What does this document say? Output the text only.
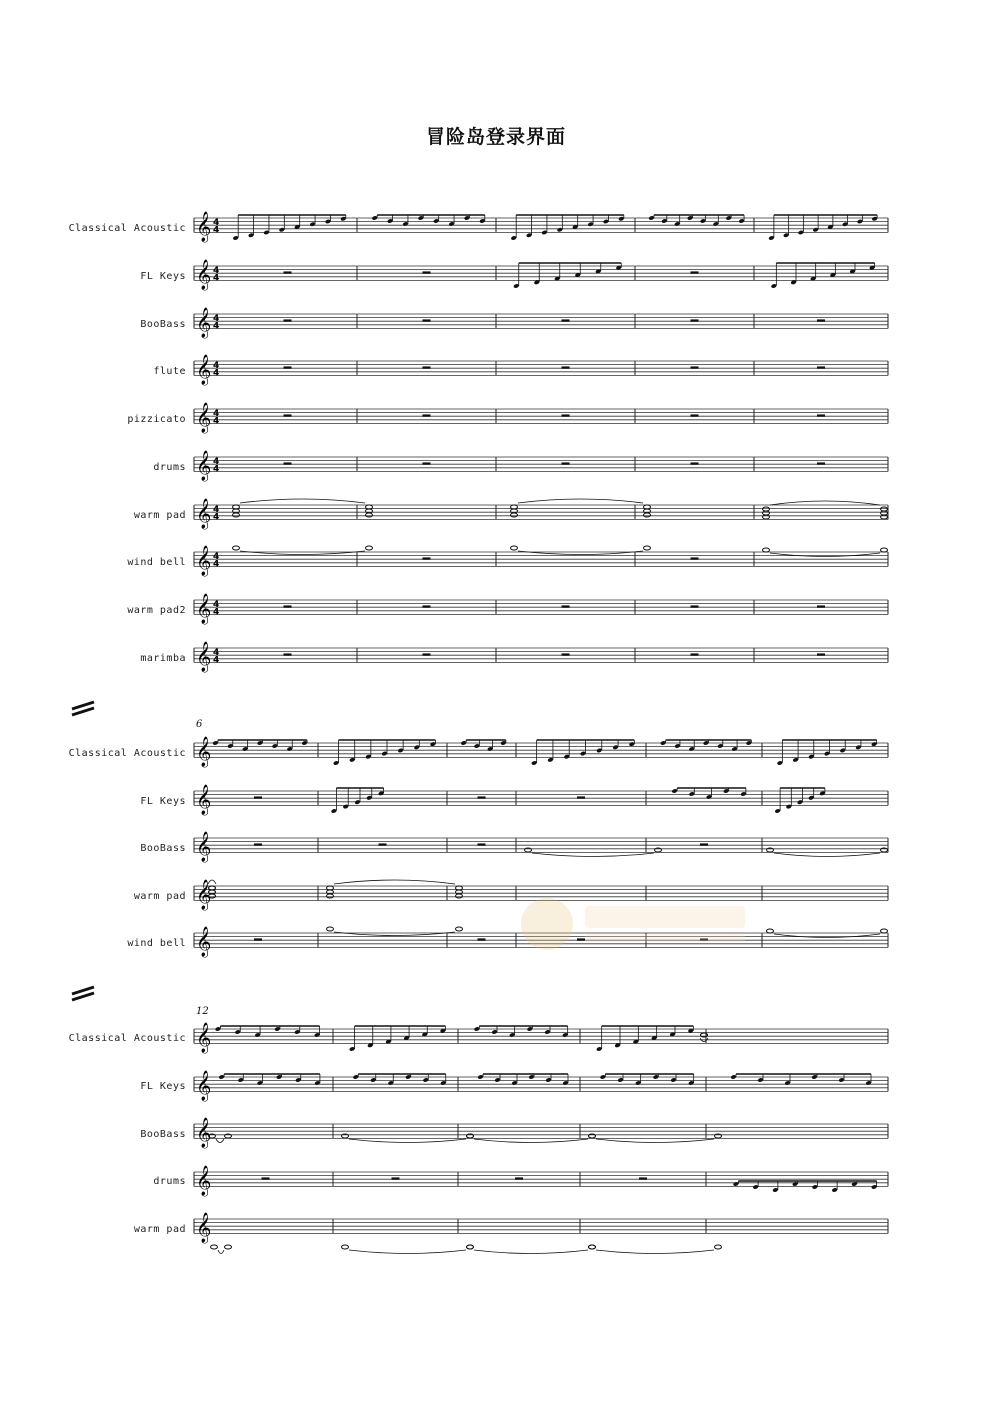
冒险岛登录界面
Classical Acoustic
FL Keys
BooBass
flute
pizzicato
drums
warm pad
wind bell
warm pad2
marimba
6
Classical Acoustic
FL Keys
BooBass
warm pad
wind bell
12
Classical Acoustic
FL Keys
BooBass
drums
warm pad
𝄞 4
4
𝄞 4
4
𝄞 4
4
𝄞 4
4
𝄞 4
4
𝄞 4
4
𝄞 4
4
𝄞 4
4
𝄞 4
4
𝄞 4
4
𝄞
𝄞
𝄞
𝄞
𝄞
𝄞
𝄞
𝄞
𝄞
𝄞
